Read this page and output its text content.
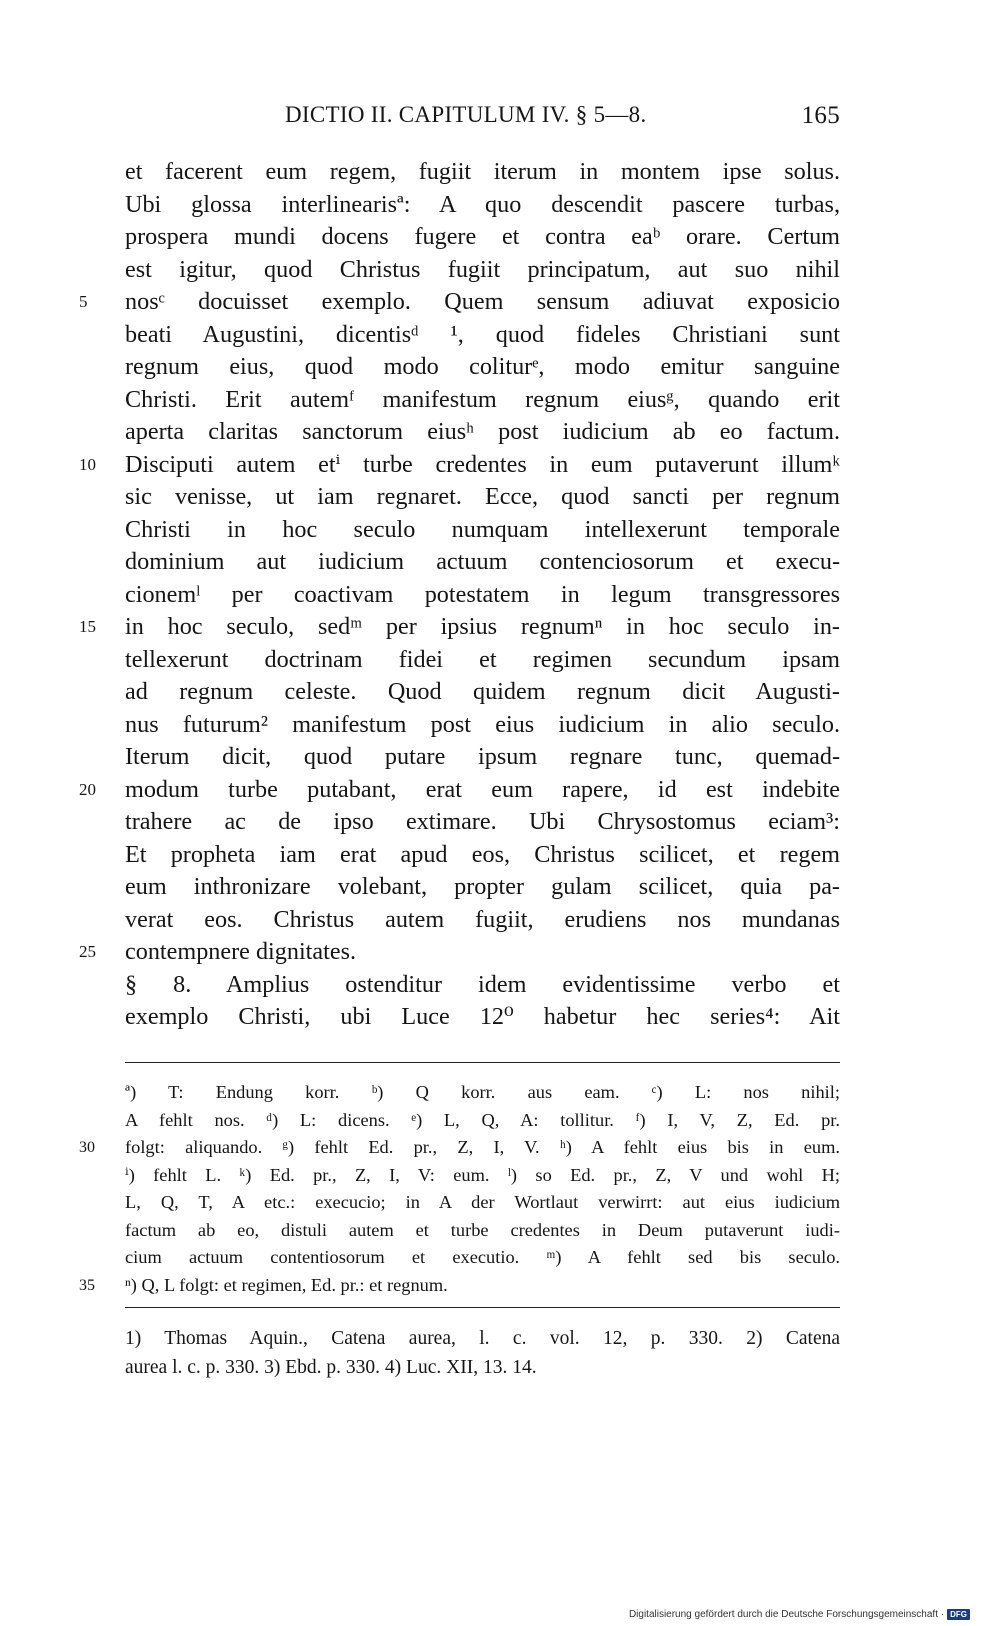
DICTIO II. CAPITULUM IV. § 5—8.	165
et facerent eum regem, fugiit iterum in montem ipse solus.
Ubi glossa interlinearisª: A quo descendit pascere turbas,
prospera mundi docens fugere et contra eaᵇ orare. Certum
est igitur, quod Christus fugiit principatum, aut suo nihil
5	nosᶜ docuisset exemplo. Quem sensum adiuvat exposicio
beati Augustini, dicentisᵈ ¹, quod fideles Christiani sunt
regnum eius, quod modo coliturᵉ, modo emitur sanguine
Christi. Erit autemᶠ manifestum regnum eiusᵍ, quando erit
aperta claritas sanctorum eiusʰ post iudicium ab eo factum.
10	Disciputi autem etⁱ turbe credentes in eum putaverunt illumᵏ
sic venisse, ut iam regnaret. Ecce, quod sancti per regnum
Christi in hoc seculo numquam intellexerunt temporale
dominium aut iudicium actuum contenciosorum et execu-
cionemˡ per coactivam potestatem in legum transgressores
15	in hoc seculo, sedᵐ per ipsius regnumⁿ in hoc seculo in-
tellexerunt doctrinam fidei et regimen secundum ipsam
ad regnum celeste. Quod quidem regnum dicit Augusti-
nus futurum² manifestum post eius iudicium in alio seculo.
Iterum dicit, quod putare ipsum regnare tunc, quemad-
20	modum turbe putabant, erat eum rapere, id est indebite
trahere ac de ipso extimare. Ubi Chrysostomus eciam³:
Et propheta iam erat apud eos, Christus scilicet, et regem
eum inthronizare volebant, propter gulam scilicet, quia pa-
verat eos. Christus autem fugiit, erudiens nos mundanas
25	contempnere dignitates.
§ 8. Amplius ostenditur idem evidentissime verbo et
exemplo Christi, ubi Luce 12⁰ habetur hec series⁴: Ait
ª) T: Endung korr. ᵇ) Q korr. aus eam. ᶜ) L: nos nihil;
A fehlt nos. ᵈ) L: dicens. ᵉ) L, Q, A: tollitur. ᶠ) I, V, Z, Ed. pr.
30	folgt: aliquando. ᵍ) fehlt Ed. pr., Z, I, V. ʰ) A fehlt eius bis in eum.
ⁱ) fehlt L. ᵏ) Ed. pr., Z, I, V: eum. ˡ) so Ed. pr., Z, V und wohl H;
L, Q, T, A etc.: execucio; in A der Wortlaut verwirrt: aut eius iudicium
factum ab eo, distuli autem et turbe credentes in Deum putaverunt iudi-
cium actuum contentiosorum et executio. ᵐ) A fehlt sed bis seculo.
35	ⁿ) Q, L folgt: et regimen, Ed. pr.: et regnum.
1) Thomas Aquin., Catena aurea, l. c. vol. 12, p. 330. 2) Catena
aurea l. c. p. 330. 3) Ebd. p. 330. 4) Luc. XII, 13. 14.
Digitalisierung gefördert durch die Deutsche Forschungsgemeinschaft · DFG
